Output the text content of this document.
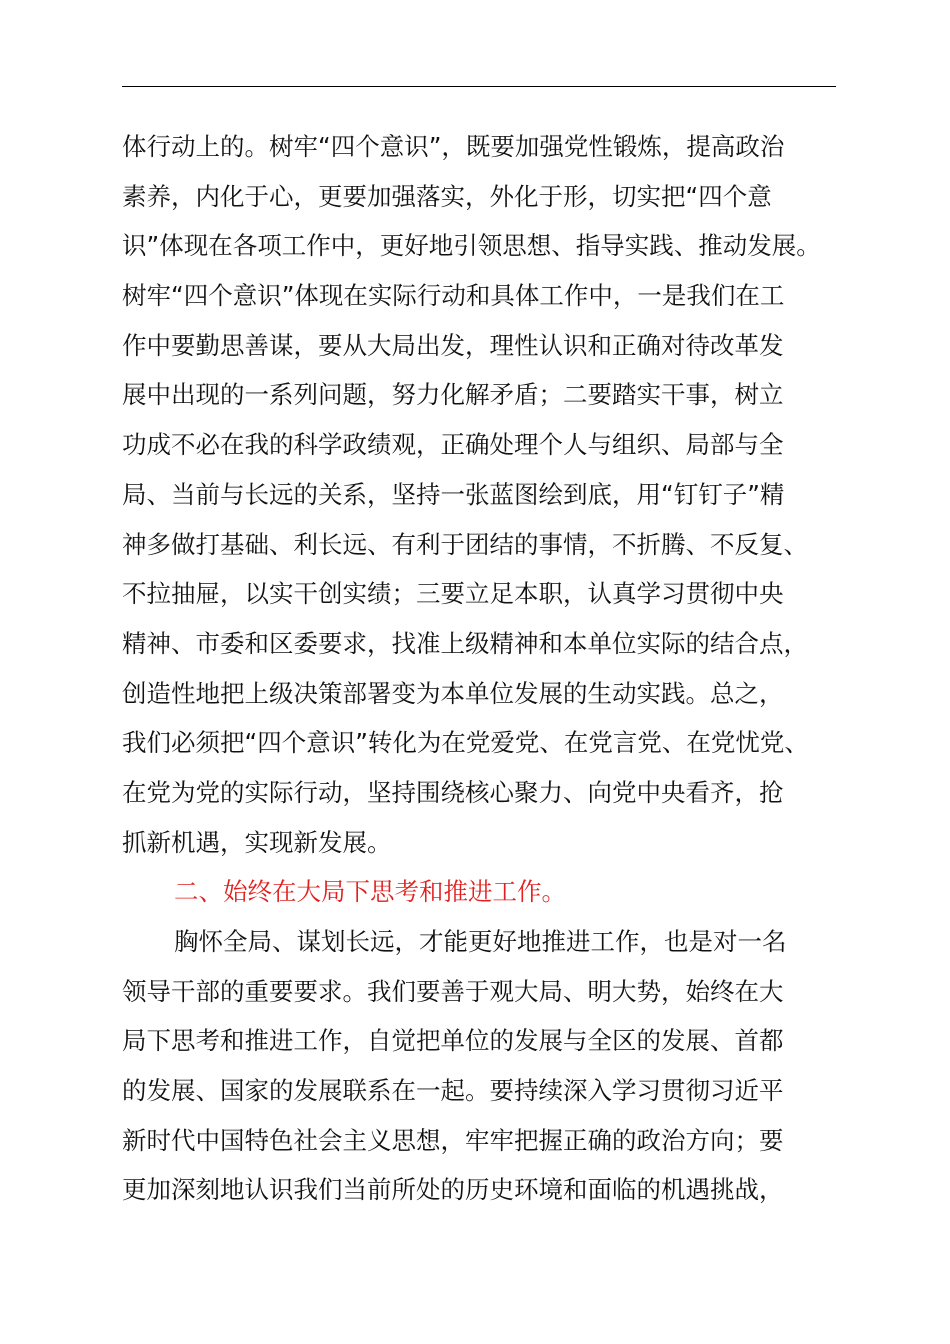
体行动上的。树牢“四个意识”，既要加强党性锻炼，提高政治
素养，内化于心，更要加强落实，外化于形，切实把“四个意
识”体现在各项工作中，更好地引领思想、指导实践、推动发展。
树牢“四个意识”体现在实际行动和具体工作中，一是我们在工
作中要勤思善谋，要从大局出发，理性认识和正确对待改革发
展中出现的一系列问题，努力化解矛盾；二要踏实干事，树立
功成不必在我的科学政绩观，正确处理个人与组织、局部与全
局、当前与长远的关系，坚持一张蓝图绘到底，用“钉钉子”精
神多做打基础、利长远、有利于团结的事情，不折腾、不反复、
不拉抽屉，以实干创实绩；三要立足本职，认真学习贯彻中央
精神、市委和区委要求，找准上级精神和本单位实际的结合点，
创造性地把上级决策部署变为本单位发展的生动实践。总之，
我们必须把“四个意识”转化为在党爱党、在党言党、在党忧党、
在党为党的实际行动，坚持围绕核心聚力、向党中央看齐，抢
抓新机遇，实现新发展。
二、始终在大局下思考和推进工作。
胸怀全局、谋划长远，才能更好地推进工作，也是对一名
领导干部的重要要求。我们要善于观大局、明大势，始终在大
局下思考和推进工作，自觉把单位的发展与全区的发展、首都
的发展、国家的发展联系在一起。要持续深入学习贯彻习近平
新时代中国特色社会主义思想，牢牢把握正确的政治方向；要
更加深刻地认识我们当前所处的历史环境和面临的机遇挑战，
